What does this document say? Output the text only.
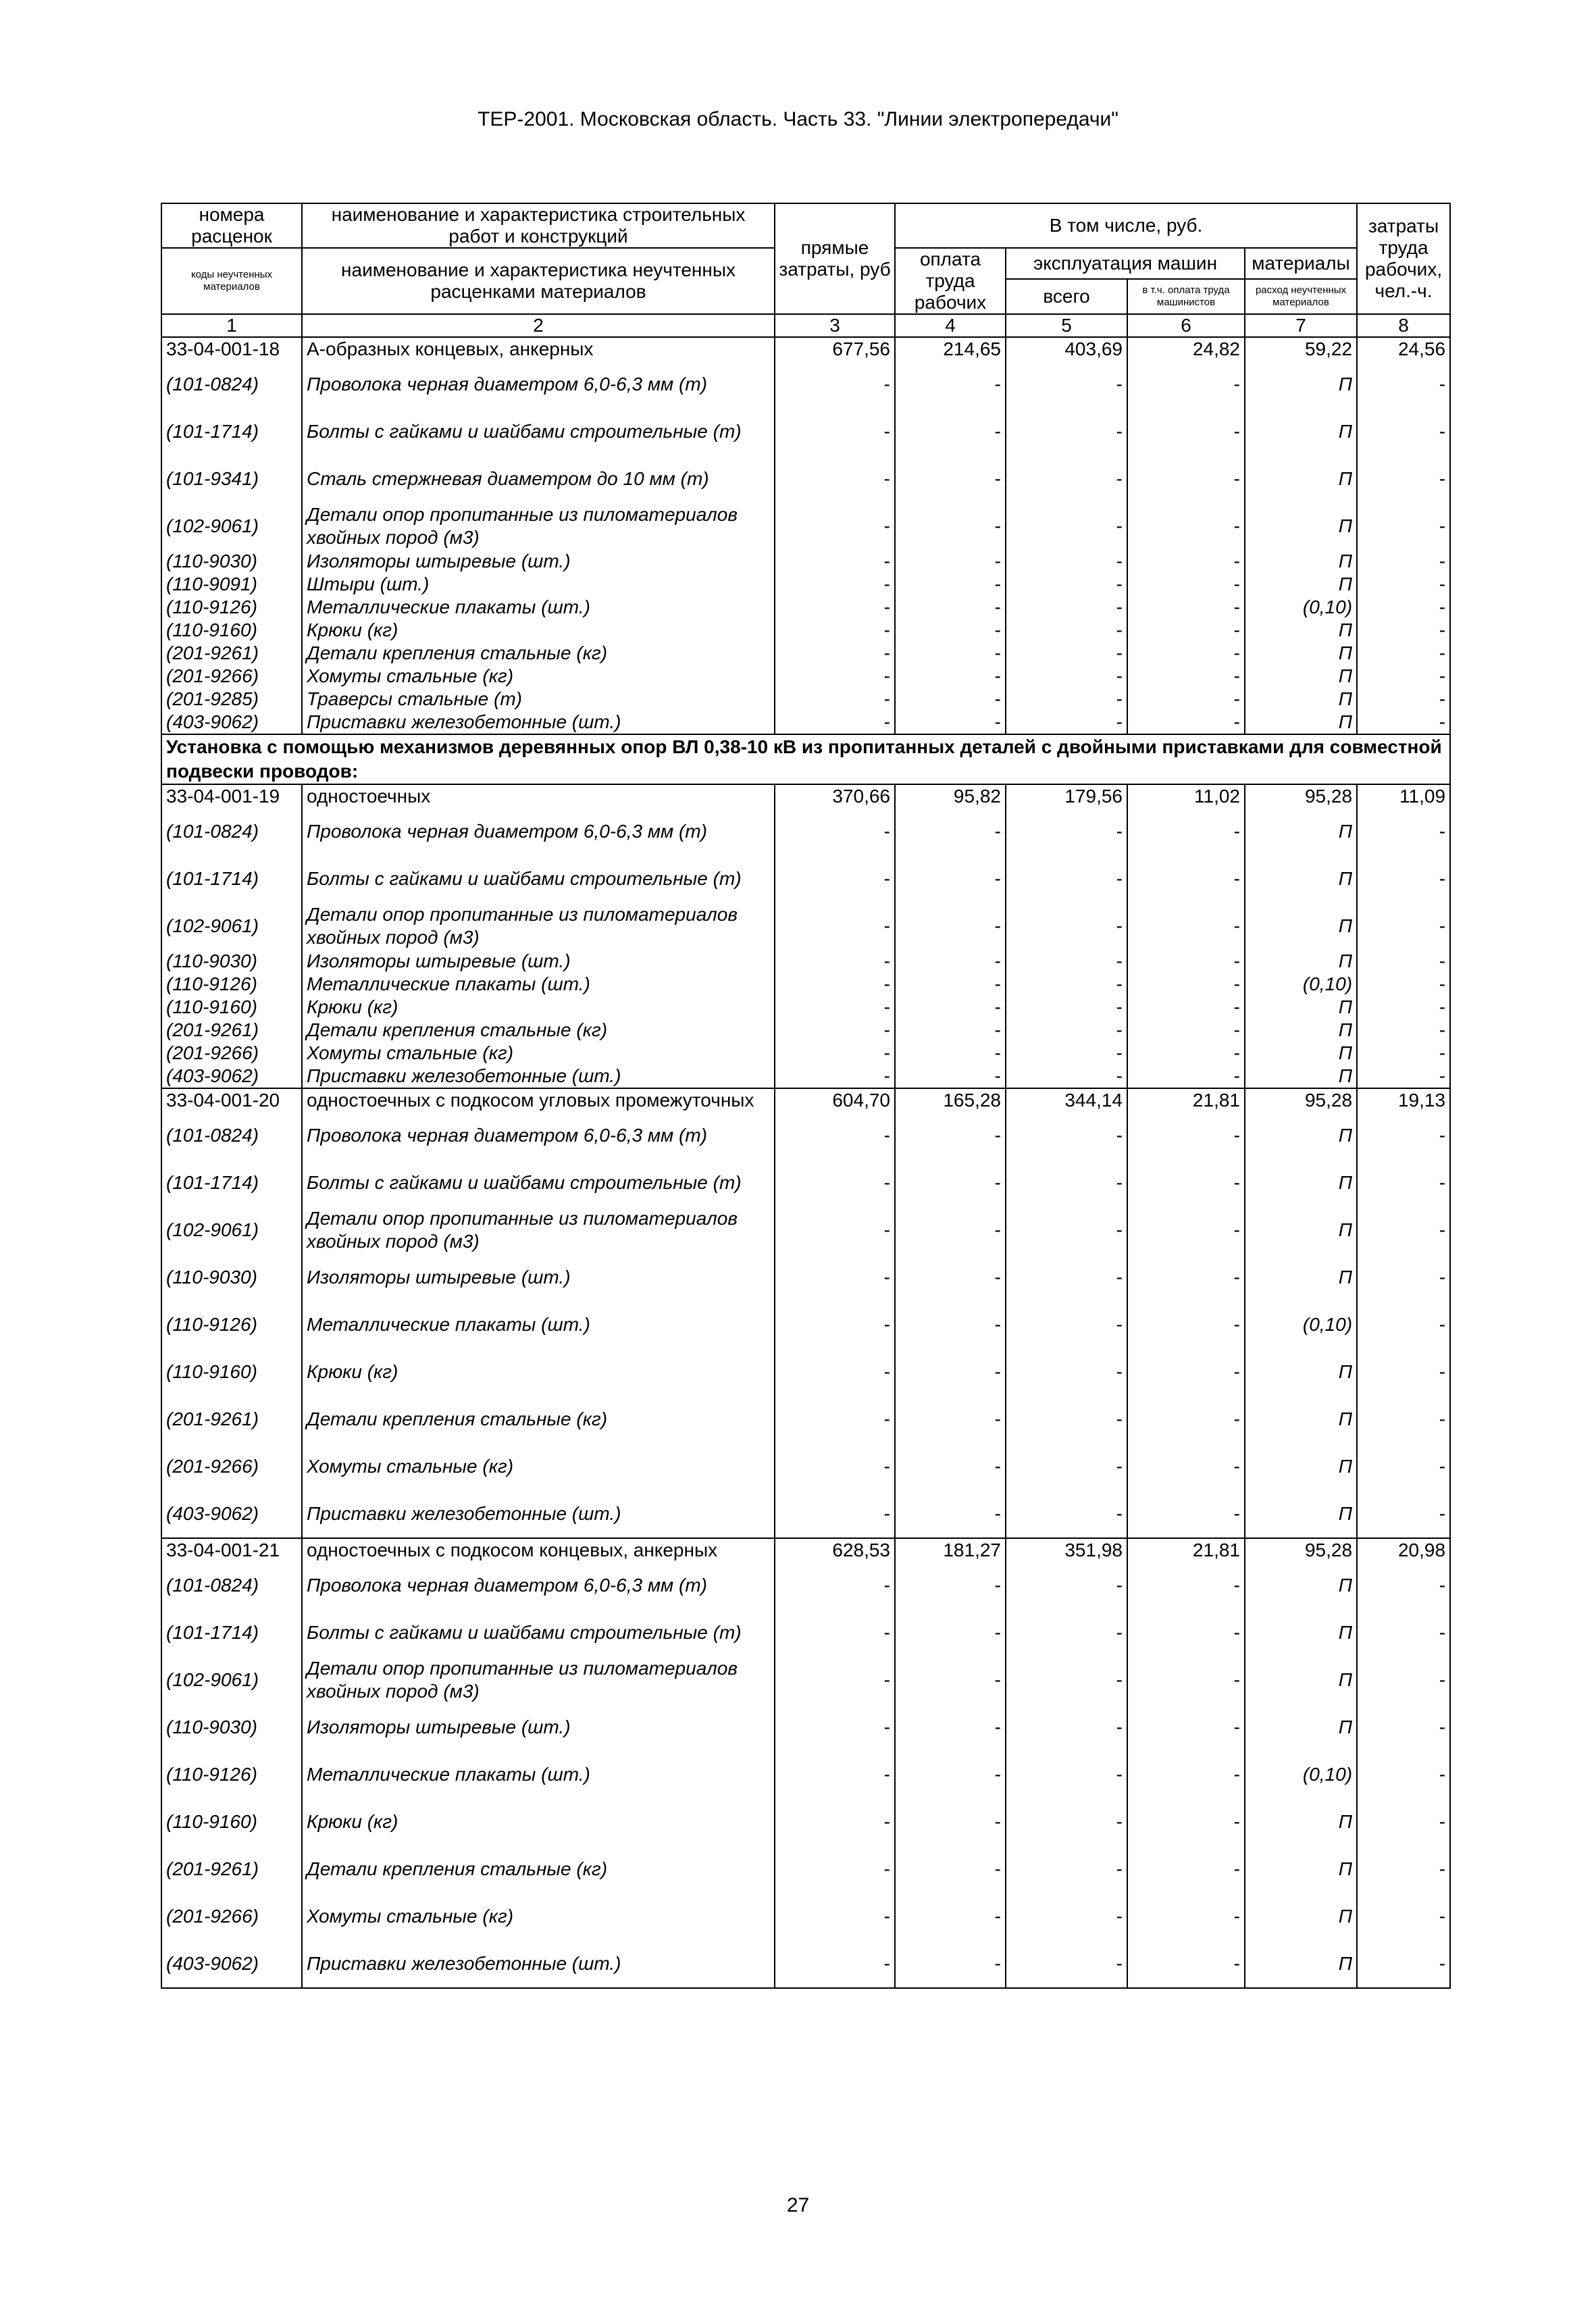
ТЕР-2001. Московская область. Часть 33. "Линии электропередачи"
номера расценок	наименование и характеристика строительных работ и конструкций	прямые затраты, руб	В том числе, руб.				затраты труда рабочих, чел.-ч.
коды неучтенных материалов	наименование и характеристика неучтенных расценками материалов		оплата труда рабочих	эксплуатация машин		материалы	
				всего	в т.ч. оплата труда машинистов	расход неучтенных материалов	
1	2	3	4	5	6	7	8
33-04-001-18	А-образных концевых, анкерных	677,56	214,65	403,69	24,82	59,22	24,56
(101-0824)	Проволока черная диаметром 6,0-6,3 мм (т)	-	-	-	-	П	-
(101-1714)	Болты с гайками и шайбами строительные (т)	-	-	-	-	П	-
(101-9341)	Сталь стержневая диаметром до 10 мм (т)	-	-	-	-	П	-
(102-9061)	Детали опор пропитанные из пиломатериалов хвойных пород (м3)	-	-	-	-	П	-
(110-9030)	Изоляторы штыревые (шт.)	-	-	-	-	П	-
(110-9091)	Штыри (шт.)	-	-	-	-	П	-
(110-9126)	Металлические плакаты (шт.)	-	-	-	-	(0,10)	-
(110-9160)	Крюки (кг)	-	-	-	-	П	-
(201-9261)	Детали крепления стальные (кг)	-	-	-	-	П	-
(201-9266)	Хомуты стальные (кг)	-	-	-	-	П	-
(201-9285)	Траверсы стальные (т)	-	-	-	-	П	-
(403-9062)	Приставки железобетонные (шт.)	-	-	-	-	П	-
Установка с помощью механизмов деревянных опор ВЛ 0,38-10 кВ из пропитанных деталей с двойными приставками для совместной подвески проводов:							
33-04-001-19	одностоечных	370,66	95,82	179,56	11,02	95,28	11,09
(101-0824)	Проволока черная диаметром 6,0-6,3 мм (т)	-	-	-	-	П	-
(101-1714)	Болты с гайками и шайбами строительные (т)	-	-	-	-	П	-
(102-9061)	Детали опор пропитанные из пиломатериалов хвойных пород (м3)	-	-	-	-	П	-
(110-9030)	Изоляторы штыревые (шт.)	-	-	-	-	П	-
(110-9126)	Металлические плакаты (шт.)	-	-	-	-	(0,10)	-
(110-9160)	Крюки (кг)	-	-	-	-	П	-
(201-9261)	Детали крепления стальные (кг)	-	-	-	-	П	-
(201-9266)	Хомуты стальные (кг)	-	-	-	-	П	-
(403-9062)	Приставки железобетонные (шт.)	-	-	-	-	П	-
33-04-001-20	одностоечных с подкосом угловых промежуточных	604,70	165,28	344,14	21,81	95,28	19,13
(101-0824)	Проволока черная диаметром 6,0-6,3 мм (т)	-	-	-	-	П	-
(101-1714)	Болты с гайками и шайбами строительные (т)	-	-	-	-	П	-
(102-9061)	Детали опор пропитанные из пиломатериалов хвойных пород (м3)	-	-	-	-	П	-
(110-9030)	Изоляторы штыревые (шт.)	-	-	-	-	П	-
(110-9126)	Металлические плакаты (шт.)	-	-	-	-	(0,10)	-
(110-9160)	Крюки (кг)	-	-	-	-	П	-
(201-9261)	Детали крепления стальные (кг)	-	-	-	-	П	-
(201-9266)	Хомуты стальные (кг)	-	-	-	-	П	-
(403-9062)	Приставки железобетонные (шт.)	-	-	-	-	П	-
33-04-001-21	одностоечных с подкосом концевых, анкерных	628,53	181,27	351,98	21,81	95,28	20,98
(101-0824)	Проволока черная диаметром 6,0-6,3 мм (т)	-	-	-	-	П	-
(101-1714)	Болты с гайками и шайбами строительные (т)	-	-	-	-	П	-
(102-9061)	Детали опор пропитанные из пиломатериалов хвойных пород (м3)	-	-	-	-	П	-
(110-9030)	Изоляторы штыревые (шт.)	-	-	-	-	П	-
(110-9126)	Металлические плакаты (шт.)	-	-	-	-	(0,10)	-
(110-9160)	Крюки (кг)	-	-	-	-	П	-
(201-9261)	Детали крепления стальные (кг)	-	-	-	-	П	-
(201-9266)	Хомуты стальные (кг)	-	-	-	-	П	-
(403-9062)	Приставки железобетонные (шт.)	-	-	-	-	П	-
27
